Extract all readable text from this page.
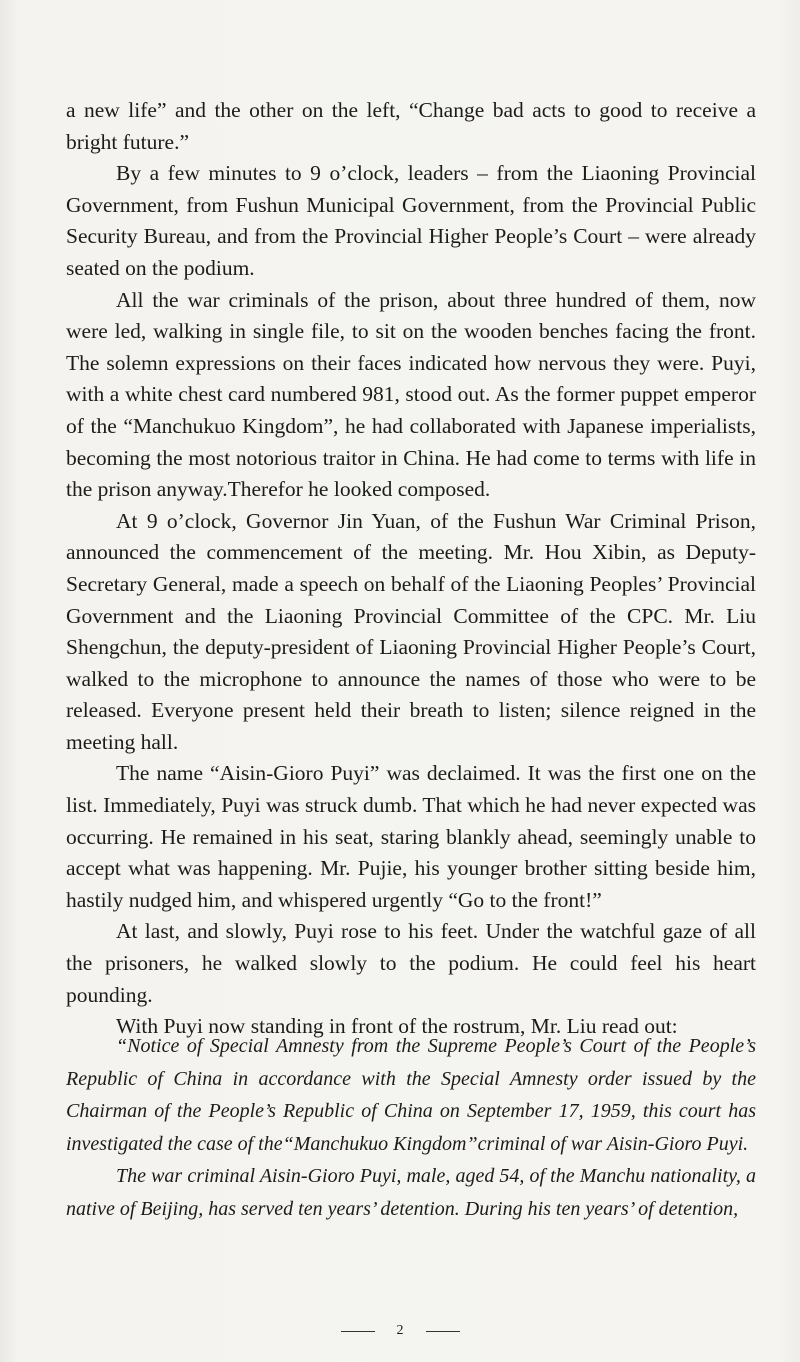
a new life” and the other on the left, “Change bad acts to good to receive a bright future.”

By a few minutes to 9 o’clock, leaders – from the Liaoning Provincial Government, from Fushun Municipal Government, from the Provincial Public Security Bureau, and from the Provincial Higher People’s Court – were already seated on the podium.

All the war criminals of the prison, about three hundred of them, now were led, walking in single file, to sit on the wooden benches facing the front. The solemn expressions on their faces indicated how nervous they were. Puyi, with a white chest card numbered 981, stood out. As the former puppet emperor of the “Manchukuo Kingdom”, he had collaborated with Japanese imperialists, becoming the most notorious traitor in China. He had come to terms with life in the prison anyway.Therefor he looked composed.

At 9 o’clock, Governor Jin Yuan, of the Fushun War Criminal Prison, announced the commencement of the meeting. Mr. Hou Xibin, as Deputy-Secretary General, made a speech on behalf of the Liaoning Peoples’ Provincial Government and the Liaoning Provincial Committee of the CPC. Mr. Liu Shengchun, the deputy-president of Liaoning Provincial Higher People’s Court, walked to the microphone to announce the names of those who were to be released. Everyone present held their breath to listen; silence reigned in the meeting hall.

The name “Aisin-Gioro Puyi” was declaimed. It was the first one on the list. Immediately, Puyi was struck dumb. That which he had never expected was occurring. He remained in his seat, staring blankly ahead, seemingly unable to accept what was happening. Mr. Pujie, his younger brother sitting beside him, hastily nudged him, and whispered urgently “Go to the front!”

At last, and slowly, Puyi rose to his feet. Under the watchful gaze of all the prisoners, he walked slowly to the podium. He could feel his heart pounding.

With Puyi now standing in front of the rostrum, Mr. Liu read out:

“Notice of Special Amnesty from the Supreme People’s Court of the People’s Republic of China in accordance with the Special Amnesty order issued by the Chairman of the People’s Republic of China on September 17, 1959, this court has investigated the case of the“Manchukuo Kingdom”criminal of war Aisin-Gioro Puyi.

The war criminal Aisin-Gioro Puyi, male, aged 54, of the Manchu nationality, a native of Beijing, has served ten years’ detention. During his ten years’ of detention,

2
